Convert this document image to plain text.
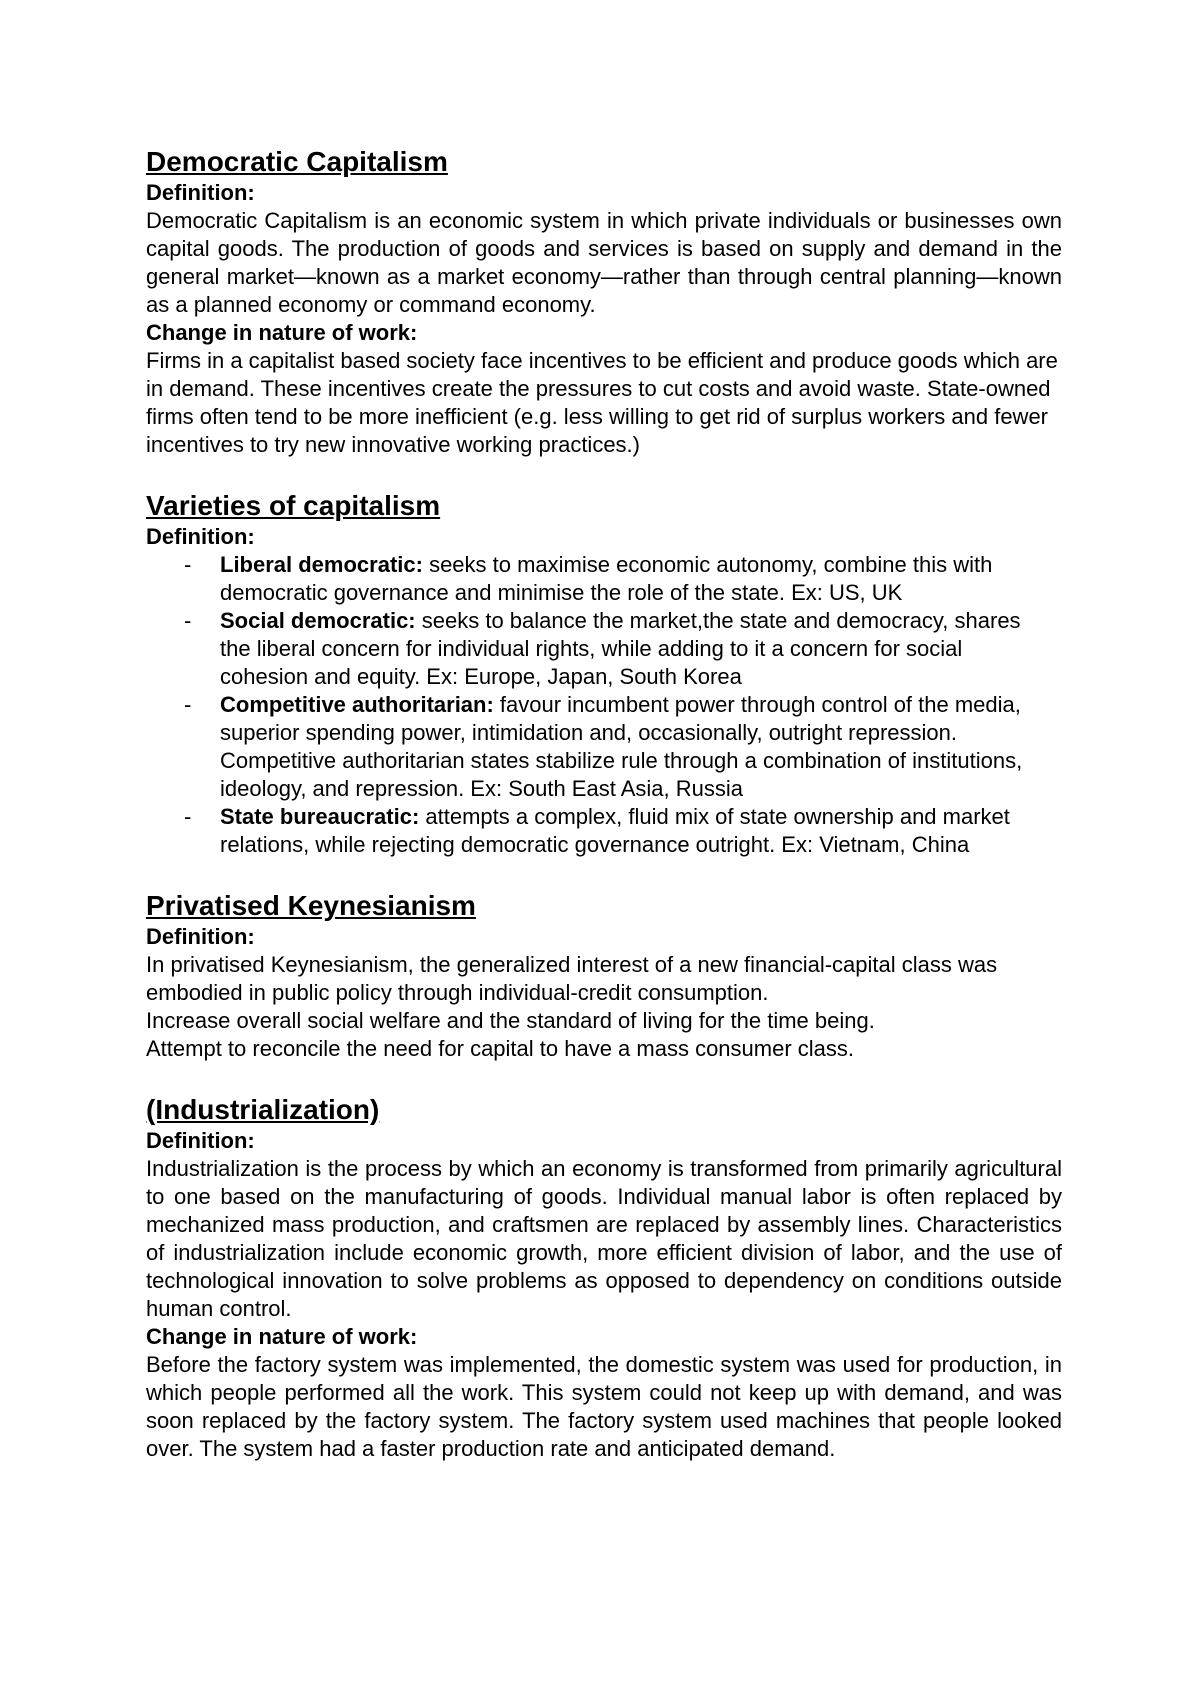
Democratic Capitalism

Definition:

Democratic Capitalism is an economic system in which private individuals or businesses own capital goods. The production of goods and services is based on supply and demand in the general market—known as a market economy—rather than through central planning—known as a planned economy or command economy.

Change in nature of work:

Firms in a capitalist based society face incentives to be efficient and produce goods which are in demand. These incentives create the pressures to cut costs and avoid waste. State-owned firms often tend to be more inefficient (e.g. less willing to get rid of surplus workers and fewer incentives to try new innovative working practices.)

Varieties of capitalism

Definition:

- Liberal democratic: seeks to maximise economic autonomy, combine this with democratic governance and minimise the role of the state. Ex: US, UK
- Social democratic: seeks to balance the market,the state and democracy, shares the liberal concern for individual rights, while adding to it a concern for social cohesion and equity. Ex: Europe, Japan, South Korea
- Competitive authoritarian: favour incumbent power through control of the media, superior spending power, intimidation and, occasionally, outright repression. Competitive authoritarian states stabilize rule through a combination of institutions, ideology, and repression. Ex: South East Asia, Russia
- State bureaucratic: attempts a complex, fluid mix of state ownership and market relations, while rejecting democratic governance outright. Ex: Vietnam, China
Privatised Keynesianism

Definition:

In privatised Keynesianism, the generalized interest of a new financial-capital class was embodied in public policy through individual-credit consumption.

Increase overall social welfare and the standard of living for the time being.

Attempt to reconcile the need for capital to have a mass consumer class.

(Industrialization)

Definition:

Industrialization is the process by which an economy is transformed from primarily agricultural to one based on the manufacturing of goods. Individual manual labor is often replaced by mechanized mass production, and craftsmen are replaced by assembly lines. Characteristics of industrialization include economic growth, more efficient division of labor, and the use of technological innovation to solve problems as opposed to dependency on conditions outside human control.

Change in nature of work:

Before the factory system was implemented, the domestic system was used for production, in which people performed all the work. This system could not keep up with demand, and was soon replaced by the factory system. The factory system used machines that people looked over. The system had a faster production rate and anticipated demand.
